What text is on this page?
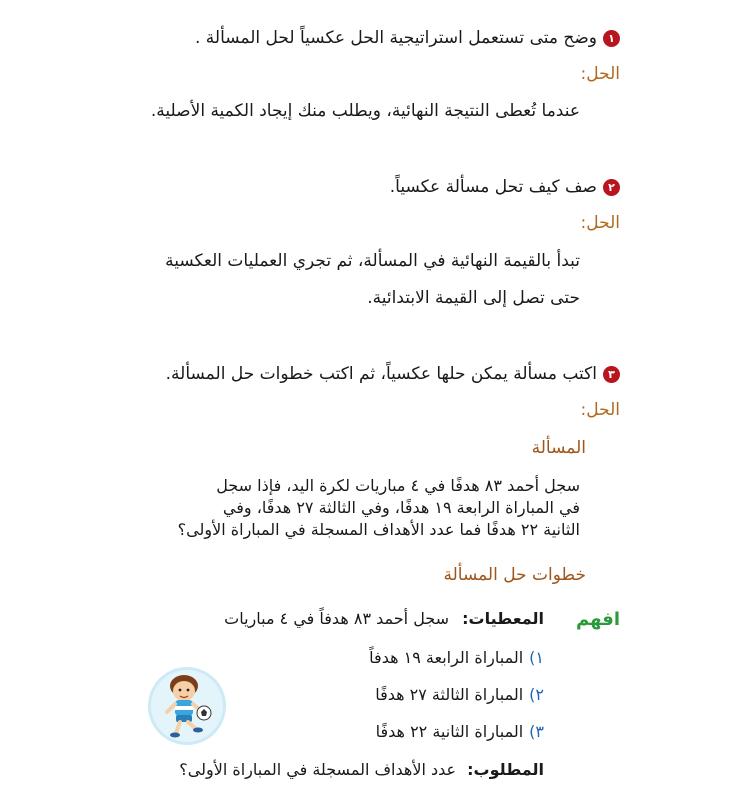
١
وضح متى تستعمل استراتيجية الحل عكسياً لحل المسألة .
الحل:
عندما تُعطى النتيجة النهائية، ويطلب منك إيجاد الكمية الأصلية.
٢
صف كيف تحل مسألة عكسياً.
الحل:
تبدأ بالقيمة النهائية في المسألة، ثم تجري العمليات العكسية
حتى تصل إلى القيمة الابتدائية.
٣
اكتب مسألة يمكن حلها عكسياً، ثم اكتب خطوات حل المسألة.
الحل:
المسألة
سجل أحمد ٨٣ هدفًا في ٤ مباريات لكرة اليد، فإذا سجل
في المباراة الرابعة ١٩ هدفًا، وفي الثالثة ٢٧ هدفًا، وفي
الثانية ٢٢ هدفًا فما عدد الأهداف المسجلة في المباراة الأولى؟
خطوات حل المسألة
افهم
المعطيات: سجل أحمد ٨٣ هدفاً في ٤ مباريات
١)
المباراة الرابعة ١٩ هدفاً
٢)
المباراة الثالثة ٢٧ هدفًا
٣)
المباراة الثانية ٢٢ هدفًا
المطلوب: عدد الأهداف المسجلة في المباراة الأولى؟
